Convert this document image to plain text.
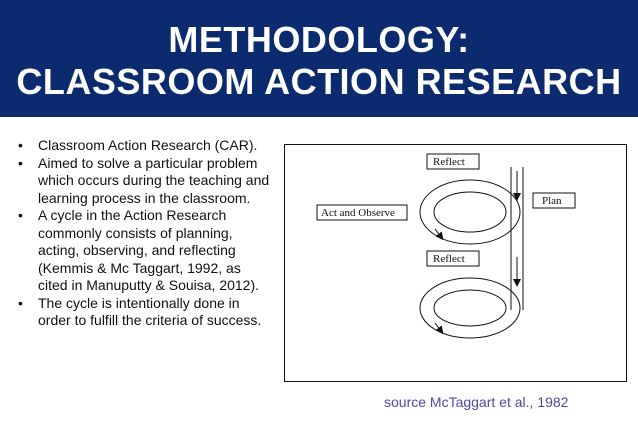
METHODOLOGY:
CLASSROOM ACTION RESEARCH
• Classroom Action Research (CAR).
• Aimed to solve a particular problem which occurs during the teaching and learning process in the classroom.
• A cycle in the Action Research commonly consists of planning, acting, observing, and reflecting (Kemmis & Mc Taggart, 1992, as cited in Manuputty & Souisa, 2012).
• The cycle is intentionally done in order to fulfill the criteria of success.
Reflect
Plan
Act and Observe
Reflect
source McTaggart et al., 1982
